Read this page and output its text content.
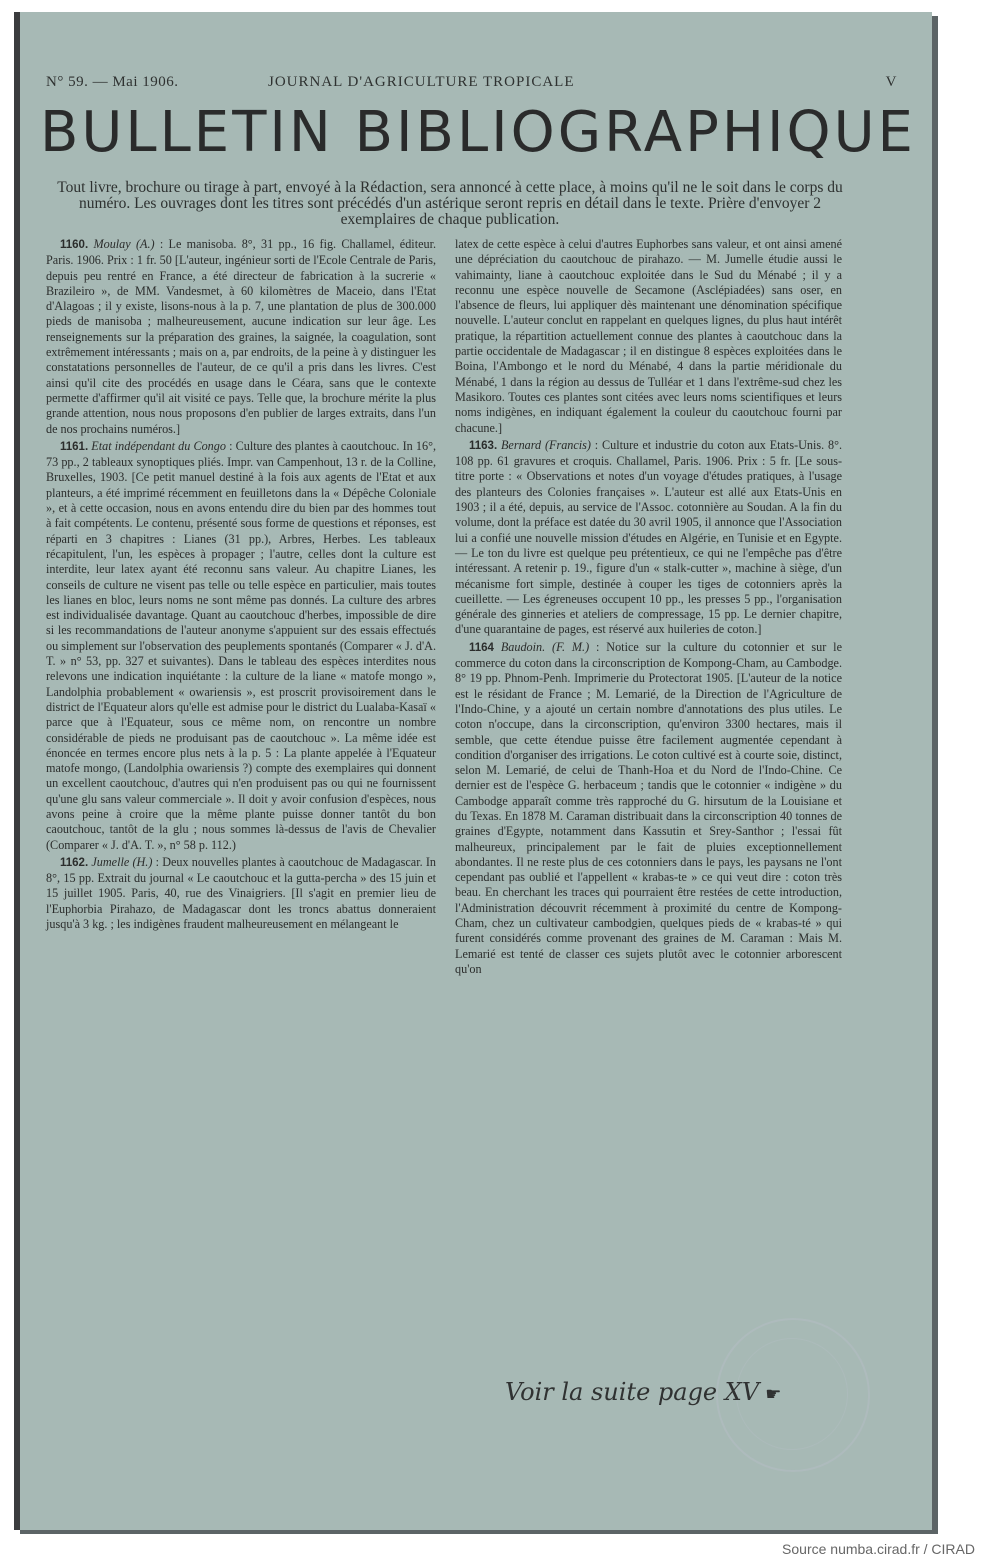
N° 59. — Mai 1906.	JOURNAL D'AGRICULTURE TROPICALE	V
BULLETIN BIBLIOGRAPHIQUE

Tout livre, brochure ou tirage à part, envoyé à la Rédaction, sera annoncé à cette place, à moins qu'il ne le soit dans le corps du numéro. Les ouvrages dont les titres sont précédés d'un astérique seront repris en détail dans le texte. Prière d'envoyer 2 exemplaires de chaque publication.

1160. Moulay (A.) : Le manisoba. 8°, 31 pp., 16 fig. Challamel, éditeur. Paris. 1906. Prix : 1 fr. 50 [L'auteur, ingénieur sorti de l'Ecole Centrale de Paris, depuis peu rentré en France, a été directeur de fabrication à la sucrerie « Brazileiro », de MM. Vandesmet, à 60 kilomètres de Maceio, dans l'Etat d'Alagoas ; il y existe, lisons-nous à la p. 7, une plantation de plus de 300.000 pieds de manisoba ; malheureusement, aucune indication sur leur âge. Les renseignements sur la préparation des graines, la saignée, la coagulation, sont extrêmement intéressants ; mais on a, par endroits, de la peine à y distinguer les constatations personnelles de l'auteur, de ce qu'il a pris dans les livres. C'est ainsi qu'il cite des procédés en usage dans le Céara, sans que le contexte permette d'affirmer qu'il ait visité ce pays. Telle que, la brochure mérite la plus grande attention, nous nous proposons d'en publier de larges extraits, dans l'un de nos prochains numéros.]

1161. Etat indépendant du Congo : Culture des plantes à caoutchouc. In 16°, 73 pp., 2 tableaux synoptiques pliés. Impr. van Campenhout, 13 r. de la Colline, Bruxelles, 1903. [Ce petit manuel destiné à la fois aux agents de l'Etat et aux planteurs, a été imprimé récemment en feuilletons dans la « Dépêche Coloniale », et à cette occasion, nous en avons entendu dire du bien par des hommes tout à fait compétents. Le contenu, présenté sous forme de questions et réponses, est réparti en 3 chapitres : Lianes (31 pp.), Arbres, Herbes. Les tableaux récapitulent, l'un, les espèces à propager ; l'autre, celles dont la culture est interdite, leur latex ayant été reconnu sans valeur. Au chapitre Lianes, les conseils de culture ne visent pas telle ou telle espèce en particulier, mais toutes les lianes en bloc, leurs noms ne sont même pas donnés. La culture des arbres est individualisée davantage. Quant au caoutchouc d'herbes, impossible de dire si les recommandations de l'auteur anonyme s'appuient sur des essais effectués ou simplement sur l'observation des peuplements spontanés (Comparer « J. d'A. T. » n° 53, pp. 327 et suivantes). Dans le tableau des espèces interdites nous relevons une indication inquiétante : la culture de la liane « matofe mongo », Landolphia probablement « owariensis », est proscrit provisoirement dans le district de l'Equateur alors qu'elle est admise pour le district du Lualaba-Kasaï « parce que à l'Equateur, sous ce même nom, on rencontre un nombre considérable de pieds ne produisant pas de caoutchouc ». La même idée est énoncée en termes encore plus nets à la p. 5 : La plante appelée à l'Equateur matofe mongo, (Landolphia owariensis ?) compte des exemplaires qui donnent un excellent caoutchouc, d'autres qui n'en produisent pas ou qui ne fournissent qu'une glu sans valeur commerciale ». Il doit y avoir confusion d'espèces, nous avons peine à croire que la même plante puisse donner tantôt du bon caoutchouc, tantôt de la glu ; nous sommes là-dessus de l'avis de Chevalier (Comparer « J. d'A. T. », n° 58 p. 112.)

1162. Jumelle (H.) : Deux nouvelles plantes à caoutchouc de Madagascar. In 8°, 15 pp. Extrait du journal « Le caoutchouc et la gutta-percha » des 15 juin et 15 juillet 1905. Paris, 40, rue des Vinaigriers. [Il s'agit en premier lieu de l'Euphorbia Pirahazo, de Madagascar dont les troncs abattus donneraient jusqu'à 3 kg. ; les indigènes fraudent malheureusement en mélangeant le

latex de cette espèce à celui d'autres Euphorbes sans valeur, et ont ainsi amené une dépréciation du caoutchouc de pirahazo. — M. Jumelle étudie aussi le vahimainty, liane à caoutchouc exploitée dans le Sud du Ménabé ; il y a reconnu une espèce nouvelle de Secamone (Asclépiadées) sans oser, en l'absence de fleurs, lui appliquer dès maintenant une dénomination spécifique nouvelle. L'auteur conclut en rappelant en quelques lignes, du plus haut intérêt pratique, la répartition actuellement connue des plantes à caoutchouc dans la partie occidentale de Madagascar ; il en distingue 8 espèces exploitées dans le Boina, l'Ambongo et le nord du Ménabé, 4 dans la partie méridionale du Ménabé, 1 dans la région au dessus de Tulléar et 1 dans l'extrême-sud chez les Masikoro. Toutes ces plantes sont citées avec leurs noms scientifiques et leurs noms indigènes, en indiquant également la couleur du caoutchouc fourni par chacune.]

1163. Bernard (Francis) : Culture et industrie du coton aux Etats-Unis. 8°. 108 pp. 61 gravures et croquis. Challamel, Paris. 1906. Prix : 5 fr. [Le sous-titre porte : « Observations et notes d'un voyage d'études pratiques, à l'usage des planteurs des Colonies françaises ». L'auteur est allé aux Etats-Unis en 1903 ; il a été, depuis, au service de l'Assoc. cotonnière au Soudan. A la fin du volume, dont la préface est datée du 30 avril 1905, il annonce que l'Association lui a confié une nouvelle mission d'études en Algérie, en Tunisie et en Egypte. — Le ton du livre est quelque peu prétentieux, ce qui ne l'empêche pas d'être intéressant. A retenir p. 19., figure d'un « stalk-cutter », machine à siège, d'un mécanisme fort simple, destinée à couper les tiges de cotonniers après la cueillette. — Les égreneuses occupent 10 pp., les presses 5 pp., l'organisation générale des ginneries et ateliers de compressage, 15 pp. Le dernier chapitre, d'une quarantaine de pages, est réservé aux huileries de coton.]

1164 Baudoin. (F. M.) : Notice sur la culture du cotonnier et sur le commerce du coton dans la circonscription de Kompong-Cham, au Cambodge. 8° 19 pp. Phnom-Penh. Imprimerie du Protectorat 1905. [L'auteur de la notice est le résidant de France ; M. Lemarié, de la Direction de l'Agriculture de l'Indo-Chine, y a ajouté un certain nombre d'annotations des plus utiles. Le coton n'occupe, dans la circonscription, qu'environ 3300 hectares, mais il semble, que cette étendue puisse être facilement augmentée cependant à condition d'organiser des irrigations. Le coton cultivé est à courte soie, distinct, selon M. Lemarié, de celui de Thanh-Hoa et du Nord de l'Indo-Chine. Ce dernier est de l'espèce G. herbaceum ; tandis que le cotonnier « indigène » du Cambodge apparaît comme très rapproché du G. hirsutum de la Louisiane et du Texas. En 1878 M. Caraman distribuait dans la circonscription 40 tonnes de graines d'Egypte, notamment dans Kassutin et Srey-Santhor ; l'essai fût malheureux, principalement par le fait de pluies exceptionnellement abondantes. Il ne reste plus de ces cotonniers dans le pays, les paysans ne l'ont cependant pas oublié et l'appellent « krabas-te » ce qui veut dire : coton très beau. En cherchant les traces qui pourraient être restées de cette introduction, l'Administration découvrit récemment à proximité du centre de Kompong-Cham, chez un cultivateur cambodgien, quelques pieds de « krabas-té » qui furent considérés comme provenant des graines de M. Caraman : Mais M. Lemarié est tenté de classer ces sujets plutôt avec le cotonnier arborescent qu'on

Voir la suite page XV ☛
Source numba.cirad.fr / CIRAD
